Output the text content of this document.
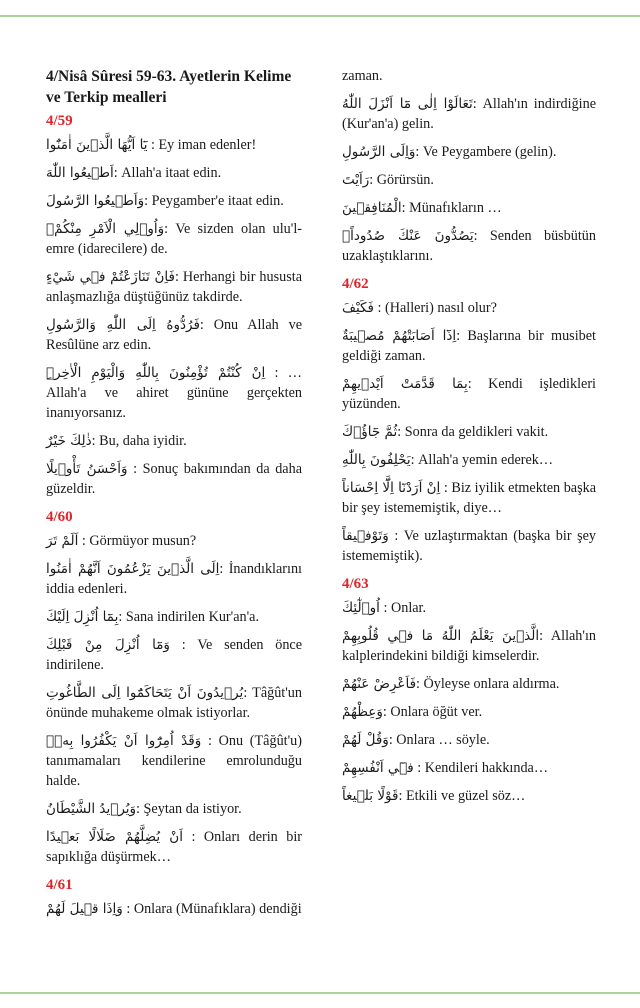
4/Nisâ Sûresi 59-63. Ayetlerin Kelime ve Terkip mealleri
4/59
يَٓا اَيُّهَا الَّذ۪ينَ اٰمَنُٓوا : Ey iman edenler!
اَط۪يعُوا اللّٰهَ: Allah'a itaat edin.
وَاَط۪يعُوا الرَّسُولَ: Peygamber'e itaat edin.
وَاُو۬لِي الْاَمْرِ مِنْكُمْۚ: Ve sizden olan ulu'l-emre (idarecilere) de.
فَاِنْ تَنَازَعْتُمْ ف۪ي شَيْءٍ: Herhangi bir hususta anlaşmazlığa düştüğünüz takdirde.
فَرُدُّوهُ اِلَى اللّٰهِ وَالرَّسُولِ: Onu Allah ve Resûlüne arz edin.
اِنْ كُنْتُمْ تُؤْمِنُونَ بِاللّٰهِ وَالْيَوْمِ الْاٰخِرِۜ : … Allah'a ve ahiret gününe gerçekten inanıyorsanız.
ذٰلِكَ خَيْرٌ: Bu, daha iyidir.
وَاَحْسَنُ تَأْو۪يلًا : Sonuç bakımından da daha güzeldir.
4/60
اَلَمْ تَرَ : Görmüyor musun?
اِلَى الَّذ۪ينَ يَزْعُمُونَ اَنَّهُمْ اٰمَنُوا: İnandıklarını iddia edenleri.
بِمَٓا اُنْزِلَ اِلَيْكَ: Sana indirilen Kur'an'a.
وَمَٓا اُنْزِلَ مِنْ قَبْلِكَ : Ve senden önce indirilene.
يُر۪يدُونَ اَنْ يَتَحَاكَمُٓوا اِلَى الطَّاغُوتِ: Tâğût'un önünde muhakeme olmak istiyorlar.
وَقَدْ اُمِرُٓوا اَنْ يَكْفُرُوا بِه۪ۜ : Onu (Tâğût'u) tanımamaları kendilerine emrolunduğu halde.
وَيُر۪يدُ الشَّيْطَانُ: Şeytan da istiyor.
اَنْ يُضِلَّهُمْ ضَلَالًا بَع۪يدًا : Onları derin bir sapıklığa düşürmek…
4/61
وَاِذَا ق۪يلَ لَهُمْ : Onlara (Münafıklara) dendiği
zaman.
تَعَالَوْا اِلٰى مَٓا اَنْزَلَ اللّٰهُ: Allah'ın indirdiğine (Kur'an'a) gelin.
وَاِلَى الرَّسُولِ: Ve Peygambere (gelin).
رَاَيْتَ: Görürsün.
الْمُنَافِق۪ينَ: Münafıkların …
يَصُدُّونَ عَنْكَ صُدُوداًۚ: Senden büsbütün uzaklaştıklarını.
4/62
فَكَيْفَ : (Halleri) nasıl olur?
اِذَٓا اَصَابَتْهُمْ مُص۪يبَةٌ: Başlarına bir musibet geldiği zaman.
بِمَا قَدَّمَتْ اَيْد۪يهِمْ: Kendi işledikleri yüzünden.
ثُمَّ جَٓاؤُ۫كَ: Sonra da geldikleri vakit.
يَحْلِفُونَ بِاللّٰهِ: Allah'a yemin ederek…
اِنْ اَرَدْنَٓا اِلَّٓا اِحْسَاناً : Biz iyilik etmekten başka bir şey istememiştik, diye…
وَتَوْف۪يقاً : Ve uzlaştırmaktan (başka bir şey istememiştik).
4/63
اُو۬لٰٓئِكَ : Onlar.
الَّذ۪ينَ يَعْلَمُ اللّٰهُ مَا ف۪ي قُلُوبِهِمْ: Allah'ın kalplerindekini bildiği kimselerdir.
فَاَعْرِضْ عَنْهُمْ: Öyleyse onlara aldırma.
وَعِظْهُمْ: Onlara öğüt ver.
وَقُلْ لَهُمْ: Onlara … söyle.
ف۪ٓي اَنْفُسِهِمْ : Kendileri hakkında…
قَوْلًا بَل۪يغاً: Etkili ve güzel söz…
